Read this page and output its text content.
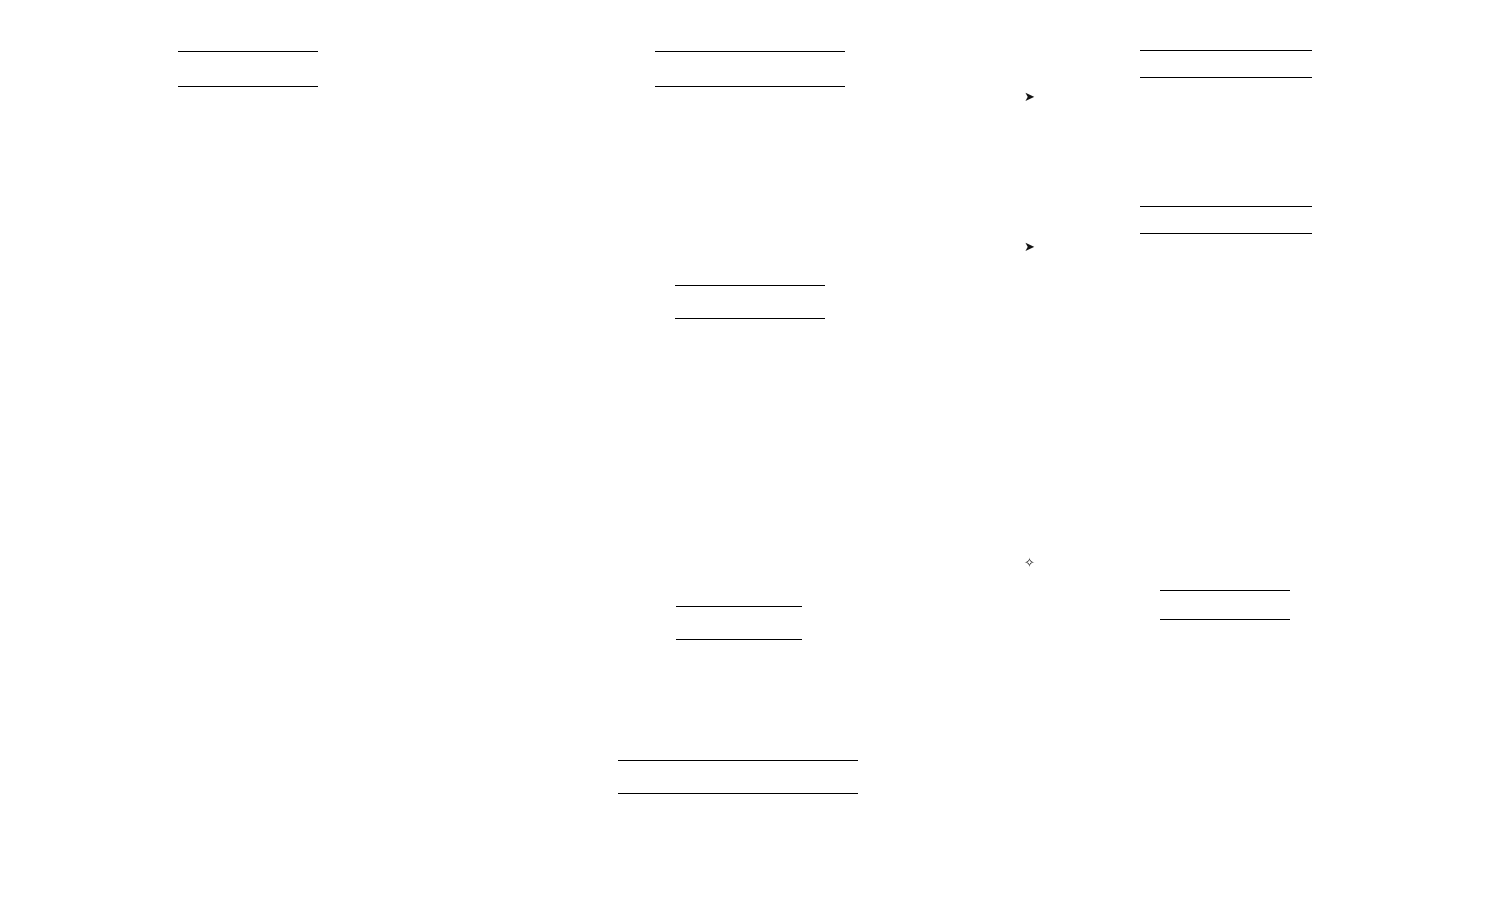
➤
➤
✧
